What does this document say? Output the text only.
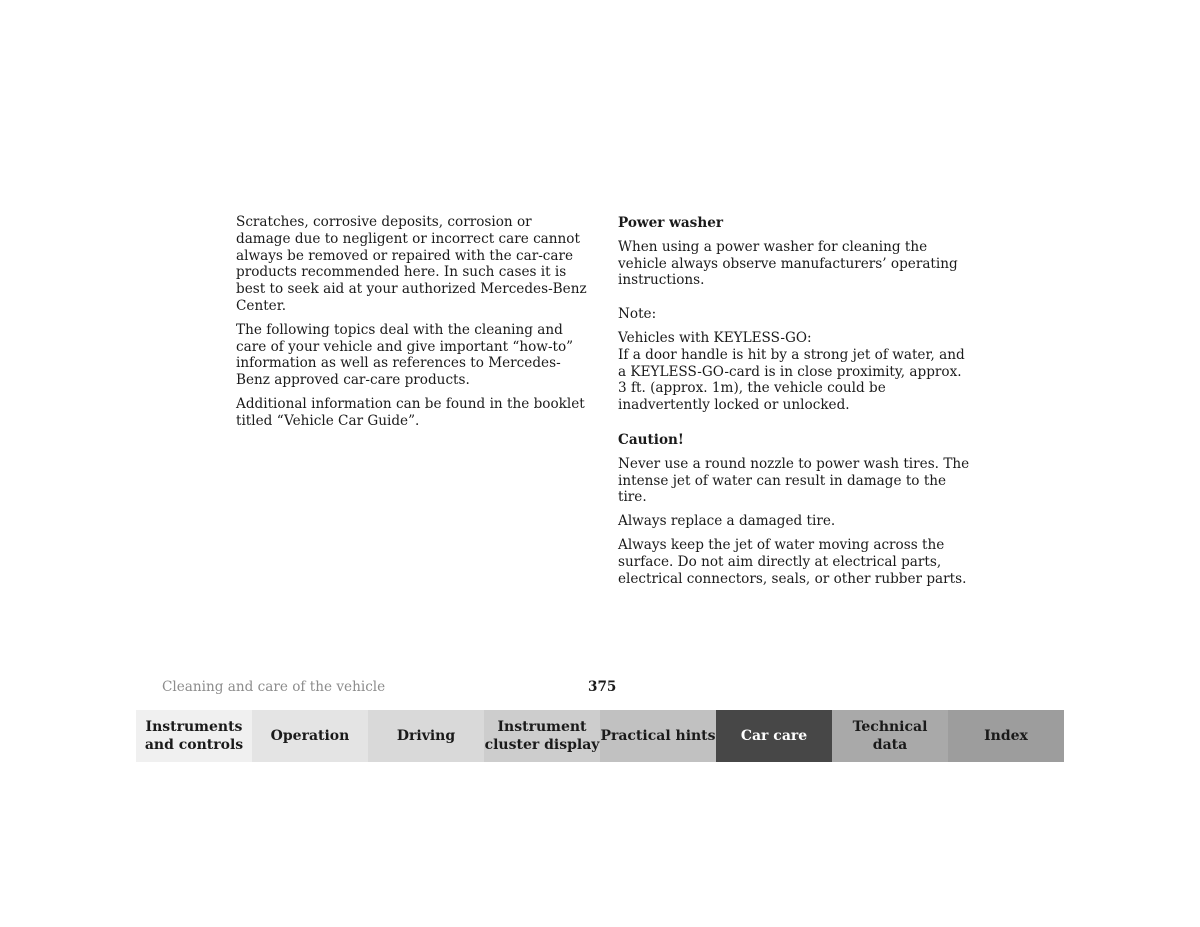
Scratches, corrosive deposits, corrosion or damage due to negligent or incorrect care cannot always be removed or repaired with the car-care products recommended here. In such cases it is best to seek aid at your authorized Mercedes-Benz Center.

The following topics deal with the cleaning and care of your vehicle and give important “how-to” information as well as references to Mercedes-Benz approved car-care products.

Additional information can be found in the booklet titled “Vehicle Car Guide”.

Power washer

When using a power washer for cleaning the vehicle always observe manufacturers’ operating instructions.

Note:

Vehicles with KEYLESS-GO:

If a door handle is hit by a strong jet of water, and a KEYLESS-GO-card is in close proximity, approx. 3 ft. (approx. 1m), the vehicle could be inadvertently locked or unlocked.

Caution!

Never use a round nozzle to power wash tires. The intense jet of water can result in damage to the tire.

Always replace a damaged tire.

Always keep the jet of water moving across the surface. Do not aim directly at electrical parts, electrical connectors, seals, or other rubber parts.

Cleaning and care of the vehicle	375
Instruments
and controls
Operation	Driving
Instrument
cluster display
Practical hints Car care
Technical
data
Index
